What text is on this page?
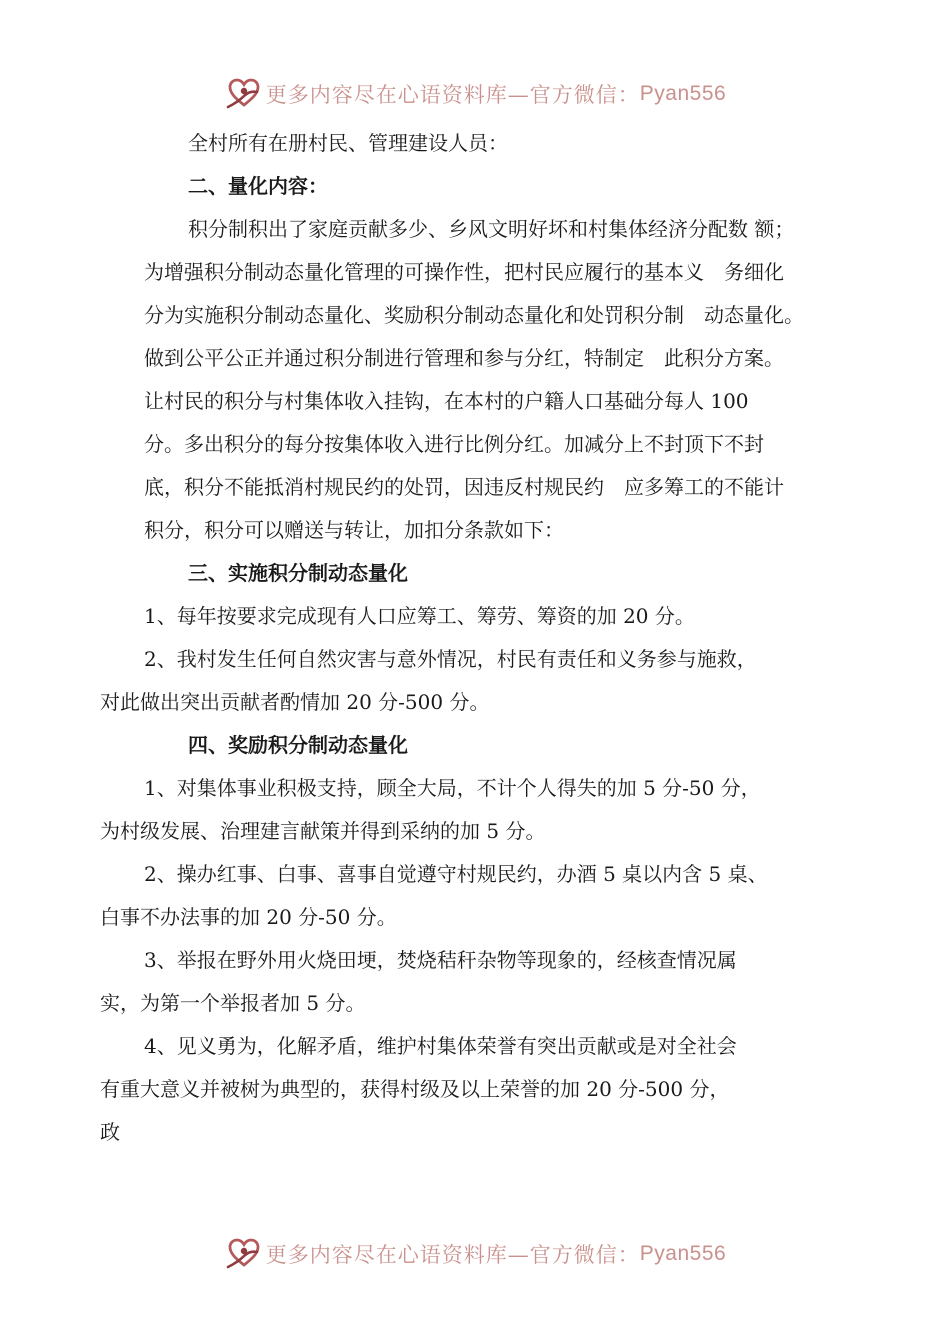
更多内容尽在心语资料库—官方微信： Pyan556

全村所有在册村民、管理建设人员：

二、量化内容：

积分制积出了家庭贡献多少、乡风文明好坏和村集体经济分配数 额；

为增强积分制动态量化管理的可操作性，把村民应履行的基本义　务细化

分为实施积分制动态量化、奖励积分制动态量化和处罚积分制　动态量化。

做到公平公正并通过积分制进行管理和参与分红，特制定　此积分方案。

让村民的积分与村集体收入挂钩，在本村的户籍人口基础分每人 100

分。多出积分的每分按集体收入进行比例分红。加减分上不封顶下不封

底，积分不能抵消村规民约的处罚，因违反村规民约　应多筹工的不能计

积分，积分可以赠送与转让，加扣分条款如下：

三、实施积分制动态量化

1、每年按要求完成现有人口应筹工、筹劳、筹资的加 20 分。

2、我村发生任何自然灾害与意外情况，村民有责任和义务参与施救，

对此做出突出贡献者酌情加 20 分-500 分。

四、奖励积分制动态量化

1、对集体事业积极支持，顾全大局，不计个人得失的加 5 分-50 分，

为村级发展、治理建言献策并得到采纳的加 5 分。

2、操办红事、白事、喜事自觉遵守村规民约，办酒 5 桌以内含 5 桌、

白事不办法事的加 20 分-50 分。

3、举报在野外用火烧田埂，焚烧秸秆杂物等现象的，经核查情况属

实，为第一个举报者加 5 分。

4、见义勇为，化解矛盾，维护村集体荣誉有突出贡献或是对全社会

有重大意义并被树为典型的，获得村级及以上荣誉的加 20 分-500 分，

政

更多内容尽在心语资料库—官方微信： Pyan556
